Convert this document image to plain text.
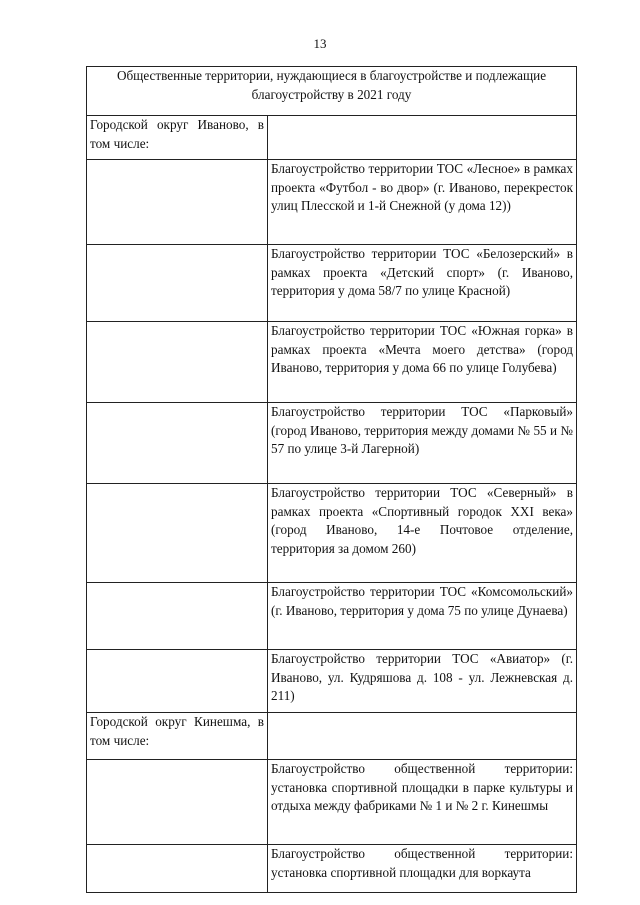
13
Общественные территории, нуждающиеся в благоустройстве и подлежащие благоустройству в 2021 году	
Городской округ Иваново, в том числе:	
	Благоустройство территории ТОС «Лесное» в рамках проекта «Футбол - во двор» (г. Иваново, перекресток улиц Плесской и 1-й Снежной (у дома 12))
	Благоустройство территории ТОС «Белозерский» в рамках проекта «Детский спорт» (г. Иваново, территория у дома 58/7 по улице Красной)
	Благоустройство территории ТОС «Южная горка» в рамках проекта «Мечта моего детства» (город Иваново, территория у дома 66 по улице Голубева)
	Благоустройство территории ТОС «Парковый» (город Иваново, территория между домами № 55 и № 57 по улице 3-й Лагерной)
	Благоустройство территории ТОС «Северный» в рамках проекта «Спортивный городок XXI века» (город Иваново, 14-е Почтовое отделение, территория за домом 260)
	Благоустройство территории ТОС «Комсомольский» (г. Иваново, территория у дома 75 по улице Дунаева)
	Благоустройство территории ТОС «Авиатор» (г. Иваново, ул. Кудряшова д. 108 - ул. Лежневская д. 211)
Городской округ Кинешма, в том числе:	
	Благоустройство общественной территории: установка спортивной площадки в парке культуры и отдыха между фабриками № 1 и № 2 г. Кинешмы
	Благоустройство общественной территории: установка спортивной площадки для воркаута
